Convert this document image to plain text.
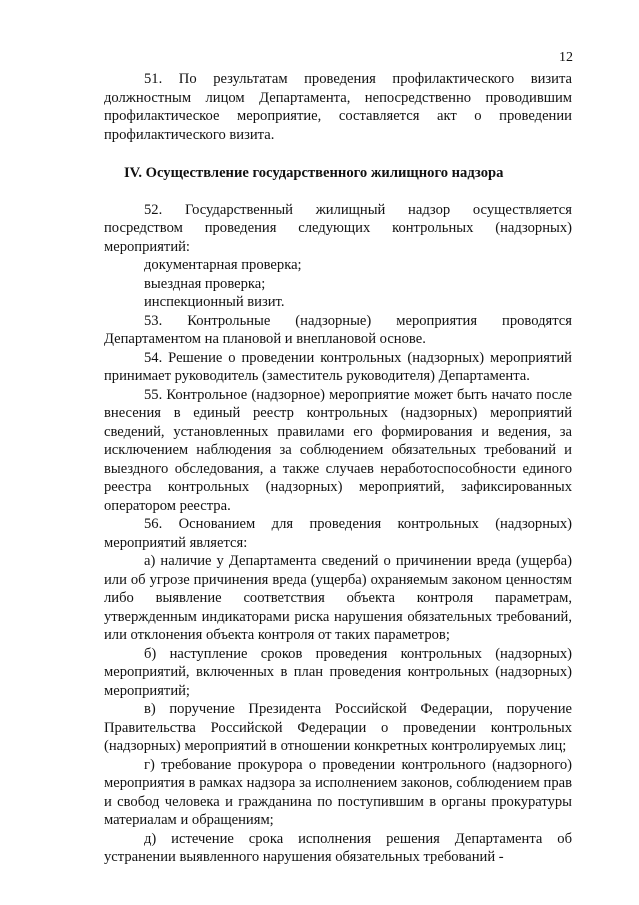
12

51. По результатам проведения профилактического визита должностным лицом Департамента, непосредственно проводившим профилактическое мероприятие, составляется акт о проведении профилактического визита.

IV. Осуществление государственного жилищного надзора

52. Государственный жилищный надзор осуществляется посредством проведения следующих контрольных (надзорных) мероприятий:

документарная проверка;

выездная проверка;

инспекционный визит.

53. Контрольные (надзорные) мероприятия проводятся Департаментом на плановой и внеплановой основе.

54. Решение о проведении контрольных (надзорных) мероприятий принимает руководитель (заместитель руководителя) Департамента.

55. Контрольное (надзорное) мероприятие может быть начато после внесения в единый реестр контрольных (надзорных) мероприятий сведений, установленных правилами его формирования и ведения, за исключением наблюдения за соблюдением обязательных требований и выездного обследования, а также случаев неработоспособности единого реестра контрольных (надзорных) мероприятий, зафиксированных оператором реестра.

56. Основанием для проведения контрольных (надзорных) мероприятий является:

а) наличие у Департамента сведений о причинении вреда (ущерба) или об угрозе причинения вреда (ущерба) охраняемым законом ценностям либо выявление соответствия объекта контроля параметрам, утвержденным индикаторами риска нарушения обязательных требований, или отклонения объекта контроля от таких параметров;

б) наступление сроков проведения контрольных (надзорных) мероприятий, включенных в план проведения контрольных (надзорных) мероприятий;

в) поручение Президента Российской Федерации, поручение Правительства Российской Федерации о проведении контрольных (надзорных) мероприятий в отношении конкретных контролируемых лиц;

г) требование прокурора о проведении контрольного (надзорного) мероприятия в рамках надзора за исполнением законов, соблюдением прав и свобод человека и гражданина по поступившим в органы прокуратуры материалам и обращениям;

д) истечение срока исполнения решения Департамента об устранении выявленного нарушения обязательных требований -
